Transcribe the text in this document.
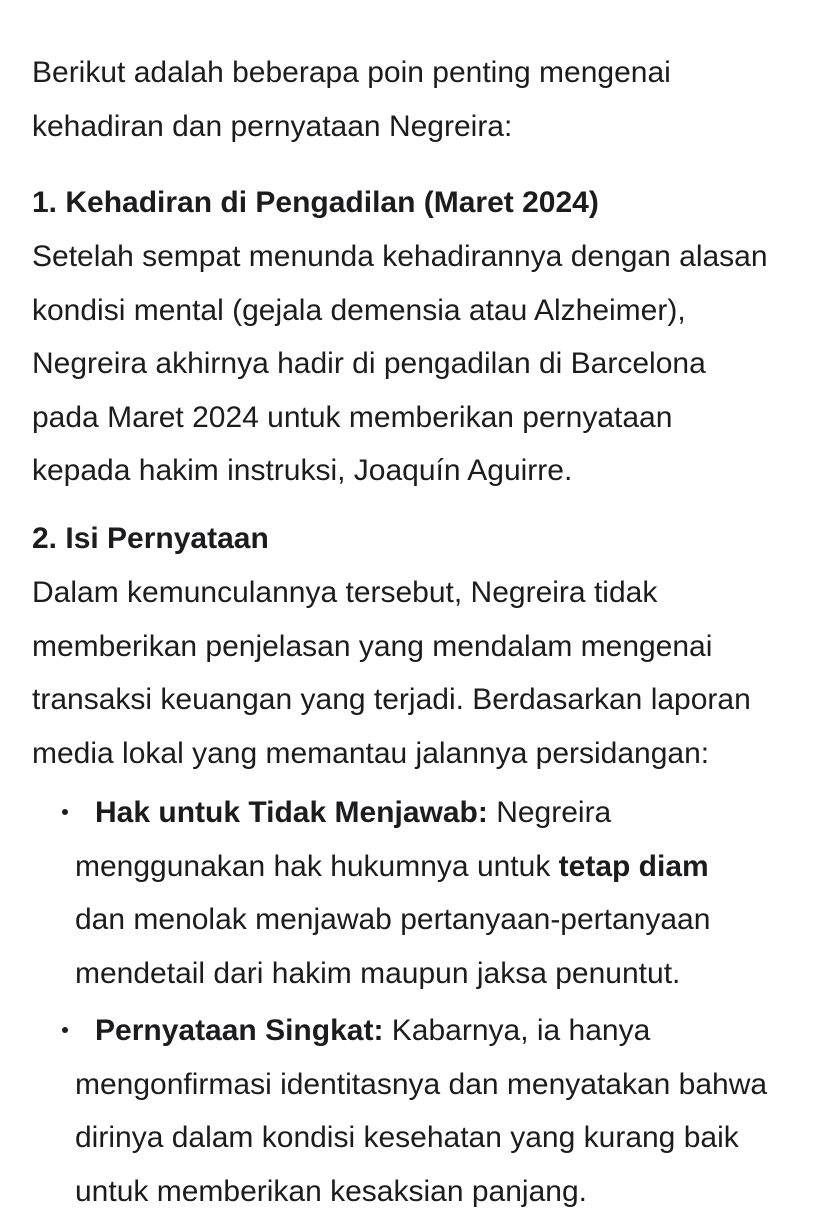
Berikut adalah beberapa poin penting mengenai
kehadiran dan pernyataan Negreira:

1. Kehadiran di Pengadilan (Maret 2024)

Setelah sempat menunda kehadirannya dengan alasan
kondisi mental (gejala demensia atau Alzheimer),
Negreira akhirnya hadir di pengadilan di Barcelona
pada Maret 2024 untuk memberikan pernyataan
kepada hakim instruksi, Joaquín Aguirre.

2. Isi Pernyataan

Dalam kemunculannya tersebut, Negreira tidak
memberikan penjelasan yang mendalam mengenai
transaksi keuangan yang terjadi. Berdasarkan laporan
media lokal yang memantau jalannya persidangan:

Hak untuk Tidak Menjawab: Negreira
menggunakan hak hukumnya untuk tetap diam
dan menolak menjawab pertanyaan-pertanyaan
mendetail dari hakim maupun jaksa penuntut.
Pernyataan Singkat: Kabarnya, ia hanya
mengonfirmasi identitasnya dan menyatakan bahwa
dirinya dalam kondisi kesehatan yang kurang baik
untuk memberikan kesaksian panjang.
